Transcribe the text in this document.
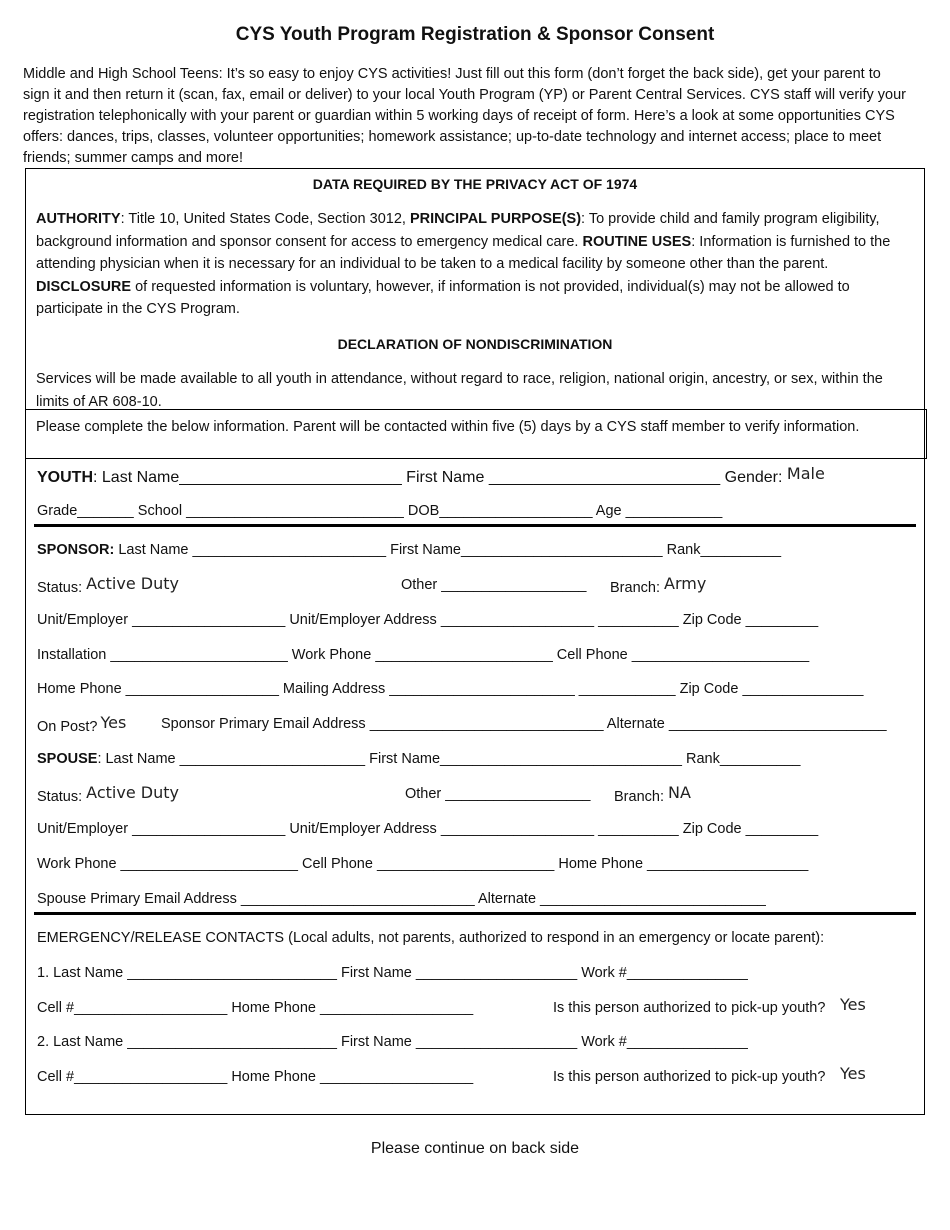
CYS Youth Program Registration & Sponsor Consent
Middle and High School Teens: It’s so easy to enjoy CYS activities! Just fill out this form (don’t forget the back side), get your parent to sign it and then return it (scan, fax, email or deliver) to your local Youth Program (YP) or Parent Central Services. CYS staff will verify your registration telephonically with your parent or guardian within 5 working days of receipt of form. Here’s a look at some opportunities CYS offers: dances, trips, classes, volunteer opportunities; homework assistance; up-to-date technology and internet access; place to meet friends; summer camps and more!
DATA REQUIRED BY THE PRIVACY ACT OF 1974
AUTHORITY: Title 10, United States Code, Section 3012, PRINCIPAL PURPOSE(S): To provide child and family program eligibility, background information and sponsor consent for access to emergency medical care. ROUTINE USES: Information is furnished to the attending physician when it is necessary for an individual to be taken to a medical facility by someone other than the parent. DISCLOSURE of requested information is voluntary, however, if information is not provided, individual(s) may not be allowed to participate in the CYS Program.
DECLARATION OF NONDISCRIMINATION
Services will be made available to all youth in attendance, without regard to race, religion, national origin, ancestry, or sex, within the limits of AR 608-10.

Please complete the below information. Parent will be contacted within five (5) days by a CYS staff member to verify information.

YOUTH: Last Name_________________________ First Name __________________________ Gender: Male
Grade_______ School ___________________________ DOB___________________ Age ____________
SPONSOR: Last Name ________________________ First Name_________________________ Rank__________
Status: Active Duty	Other __________________ Branch: Army
Unit/Employer ___________________ Unit/Employer Address ___________________ __________ Zip Code _________
Installation ______________________ Work Phone ______________________ Cell Phone ______________________
Home Phone ___________________ Mailing Address _______________________ ____________ Zip Code _______________
On Post? Yes Sponsor Primary Email Address _____________________________ Alternate ___________________________
SPOUSE: Last Name _______________________ First Name______________________________ Rank__________
Status: Active Duty	Other __________________ Branch: NA
Unit/Employer ___________________ Unit/Employer Address ___________________ __________ Zip Code _________
Work Phone ______________________ Cell Phone ______________________ Home Phone ____________________
Spouse Primary Email Address _____________________________ Alternate ____________________________
EMERGENCY/RELEASE CONTACTS (Local adults, not parents, authorized to respond in an emergency or locate parent):
1. Last Name __________________________ First Name ____________________ Work #_______________
Cell #___________________ Home Phone ___________________	Is this person authorized to pick-up youth? Yes
2. Last Name __________________________ First Name ____________________ Work #_______________
Cell #___________________ Home Phone ___________________	Is this person authorized to pick-up youth? Yes
Please continue on back side
